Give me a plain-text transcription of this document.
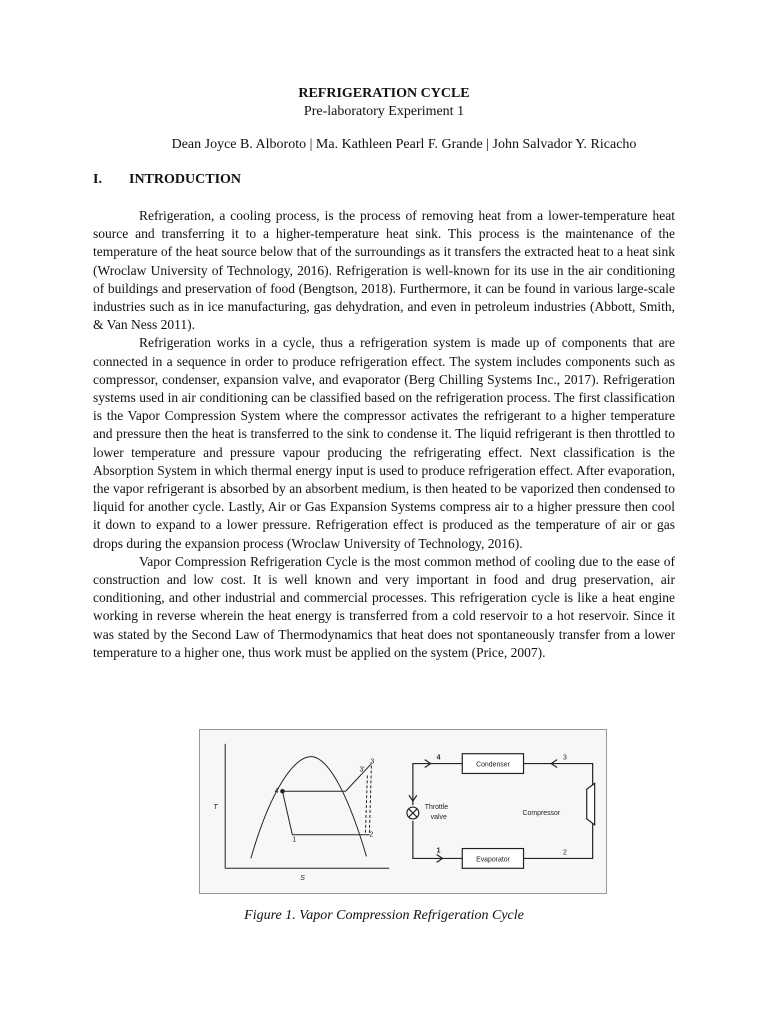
REFRIGERATION CYCLE
Pre-laboratory Experiment 1
Dean Joyce B. Alboroto | Ma. Kathleen Pearl F. Grande | John Salvador Y. Ricacho
I. INTRODUCTION

Refrigeration, a cooling process, is the process of removing heat from a lower-temperature heat source and transferring it to a higher-temperature heat sink. This process is the maintenance of the temperature of the heat source below that of the surroundings as it transfers the extracted heat to a heat sink (Wroclaw University of Technology, 2016). Refrigeration is well-known for its use in the air conditioning of buildings and preservation of food (Bengtson, 2018). Furthermore, it can be found in various large-scale industries such as in ice manufacturing, gas dehydration, and even in petroleum industries (Abbott, Smith, & Van Ness 2011).

Refrigeration works in a cycle, thus a refrigeration system is made up of components that are connected in a sequence in order to produce refrigeration effect. The system includes components such as compressor, condenser, expansion valve, and evaporator (Berg Chilling Systems Inc., 2017). Refrigeration systems used in air conditioning can be classified based on the refrigeration process. The first classification is the Vapor Compression System where the compressor activates the refrigerant to a higher temperature and pressure then the heat is transferred to the sink to condense it. The liquid refrigerant is then throttled to lower temperature and pressure vapour producing the refrigerating effect. Next classification is the Absorption System in which thermal energy input is used to produce refrigeration effect. After evaporation, the vapor refrigerant is absorbed by an absorbent medium, is then heated to be vaporized then condensed to liquid for another cycle. Lastly, Air or Gas Expansion Systems compress air to a higher pressure then cool it down to expand to a lower pressure. Refrigeration effect is produced as the temperature of air or gas drops during the expansion process (Wroclaw University of Technology, 2016).

Vapor Compression Refrigeration Cycle is the most common method of cooling due to the ease of construction and low cost. It is well known and very important in food and drug preservation, air conditioning, and other industrial and commercial processes. This refrigeration cycle is like a heat engine working in reverse wherein the heat energy is transferred from a cold reservoir to a hot reservoir. Since it was stated by the Second Law of Thermodynamics that heat does not spontaneously transfer from a lower temperature to a higher one, thus work must be applied on the system (Price, 2007).

T
S
1
2
3
3'
4
Condenser
Evaporator
Compressor
Throttle
valve
1	2
3
4
Figure 1. Vapor Compression Refrigeration Cycle
